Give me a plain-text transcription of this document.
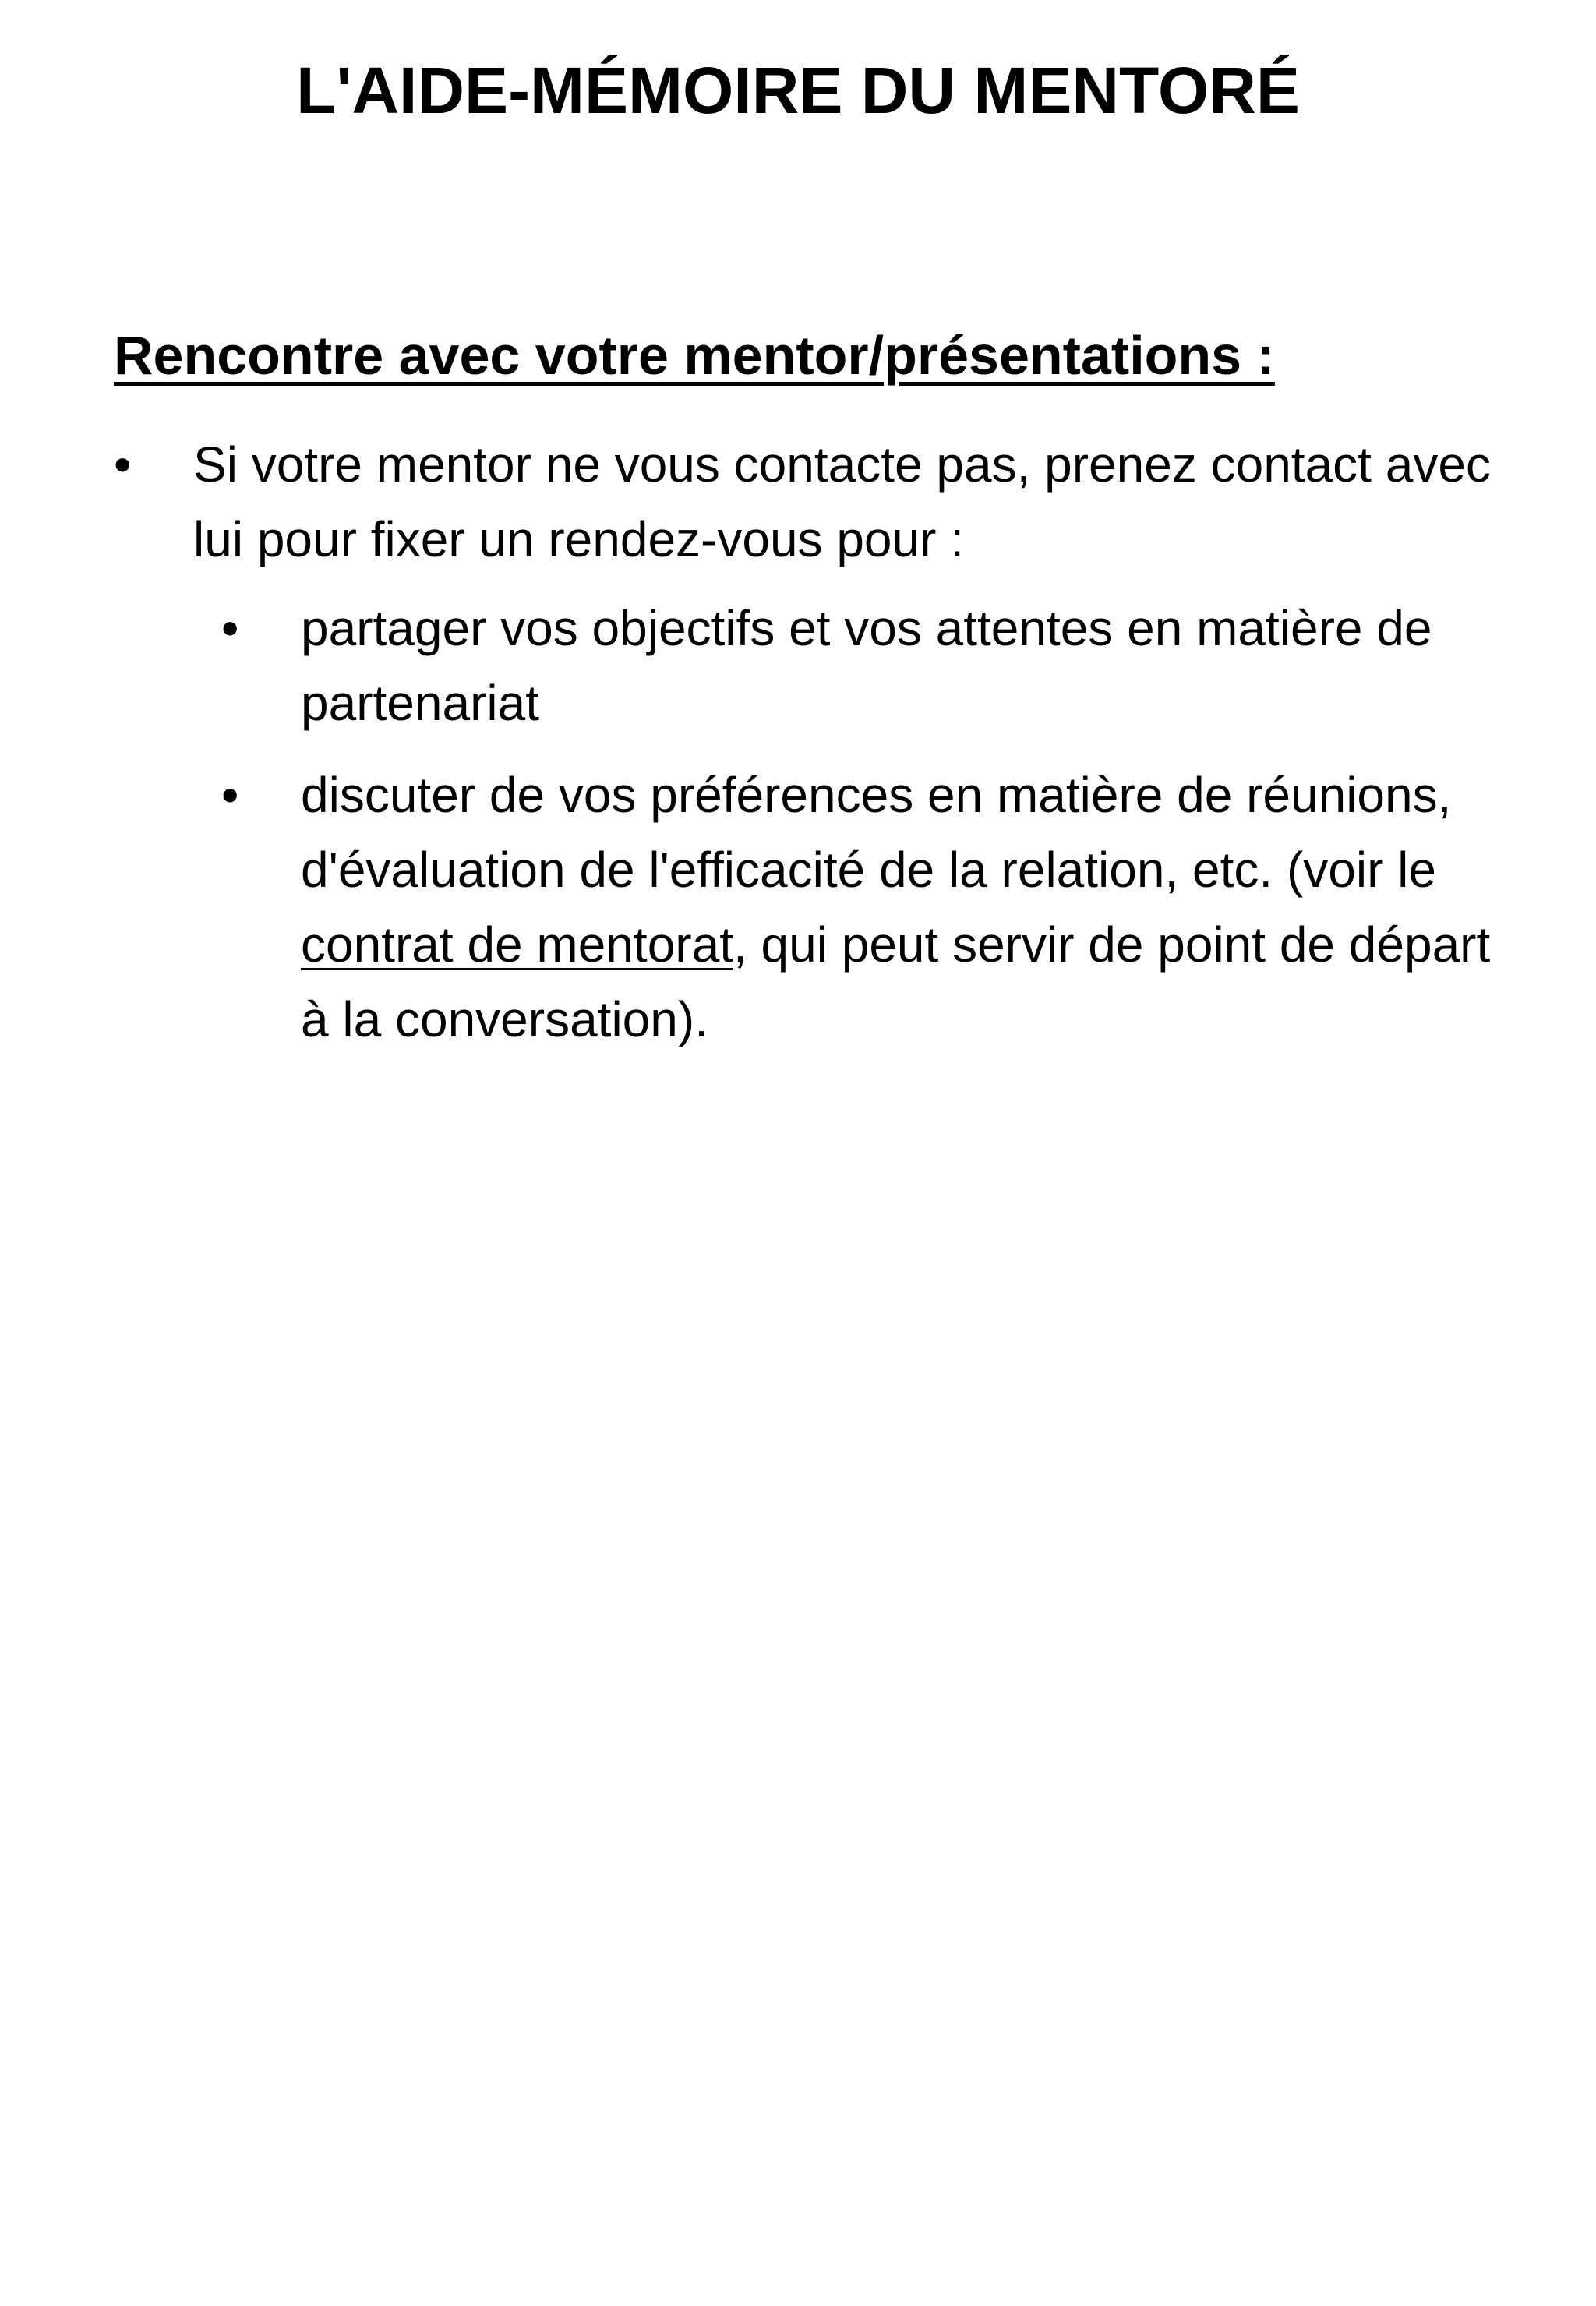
L'AIDE-MÉMOIRE DU MENTORÉ
Rencontre avec votre mentor/présentations :
• Si votre mentor ne vous contacte pas, prenez contact avec lui pour fixer un rendez-vous pour :
• partager vos objectifs et vos attentes en matière de partenariat
• discuter de vos préférences en matière de réunions, d'évaluation de l'efficacité de la relation, etc. (voir le contrat de mentorat, qui peut servir de point de départ à la conversation).
